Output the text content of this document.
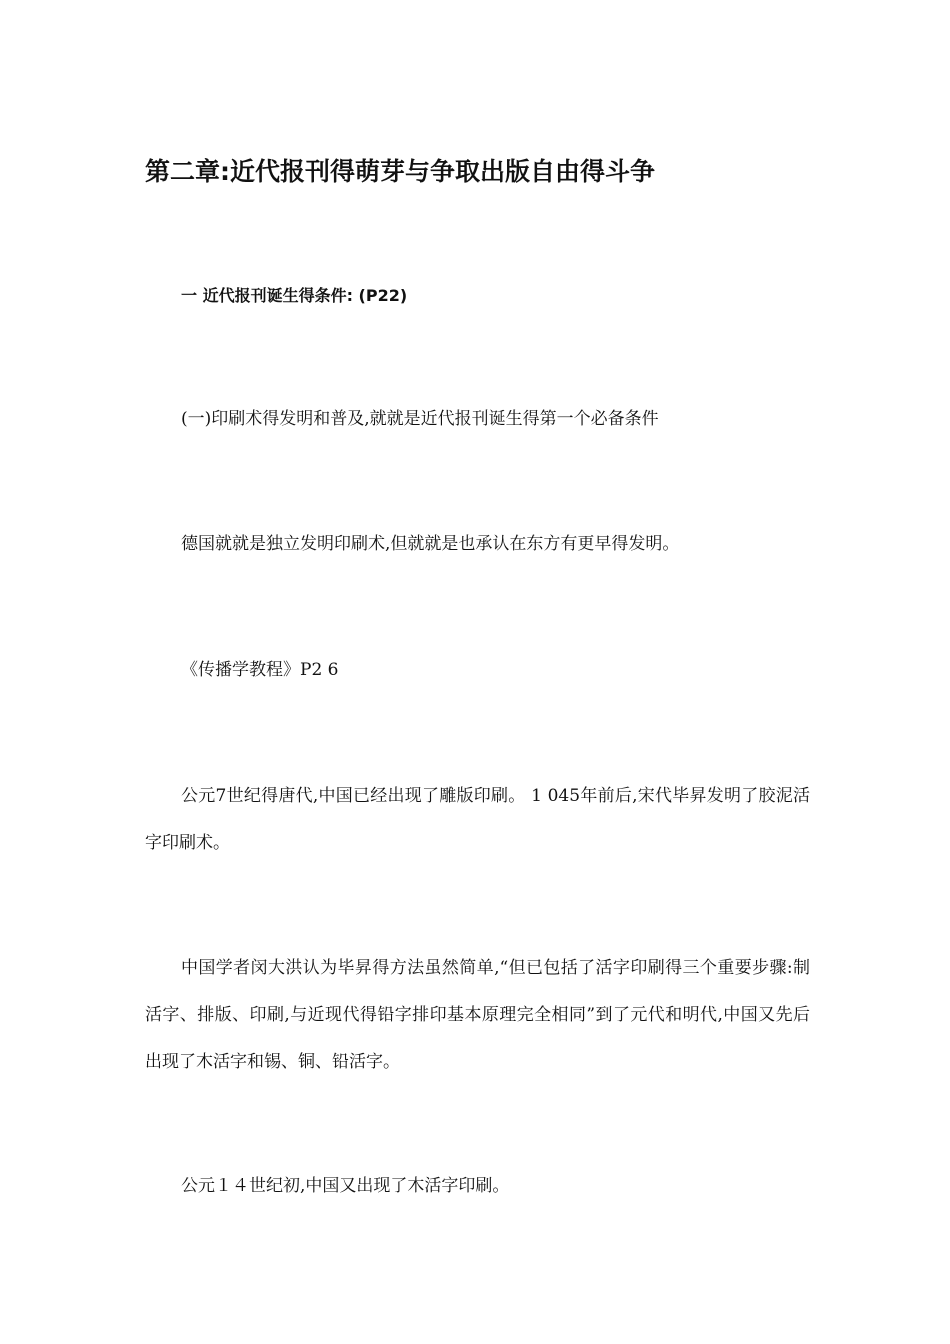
第二章:近代报刊得萌芽与争取出版自由得斗争
一 近代报刊诞生得条件: (P22)

(一)印刷术得发明和普及,就就是近代报刊诞生得第一个必备条件

德国就就是独立发明印刷术,但就就是也承认在东方有更早得发明。

《传播学教程》P2 6

公元7世纪得唐代,中国已经出现了雕版印刷。 1 045年前后,宋代毕昇发明了胶泥活字印刷术。

中国学者闵大洪认为毕昇得方法虽然简单,“但已包括了活字印刷得三个重要步骤:制活字、排版、印刷,与近现代得铅字排印基本原理完全相同”到了元代和明代,中国又先后出现了木活字和锡、铜、铅活字。

公元１４世纪初,中国又出现了木活字印刷。
